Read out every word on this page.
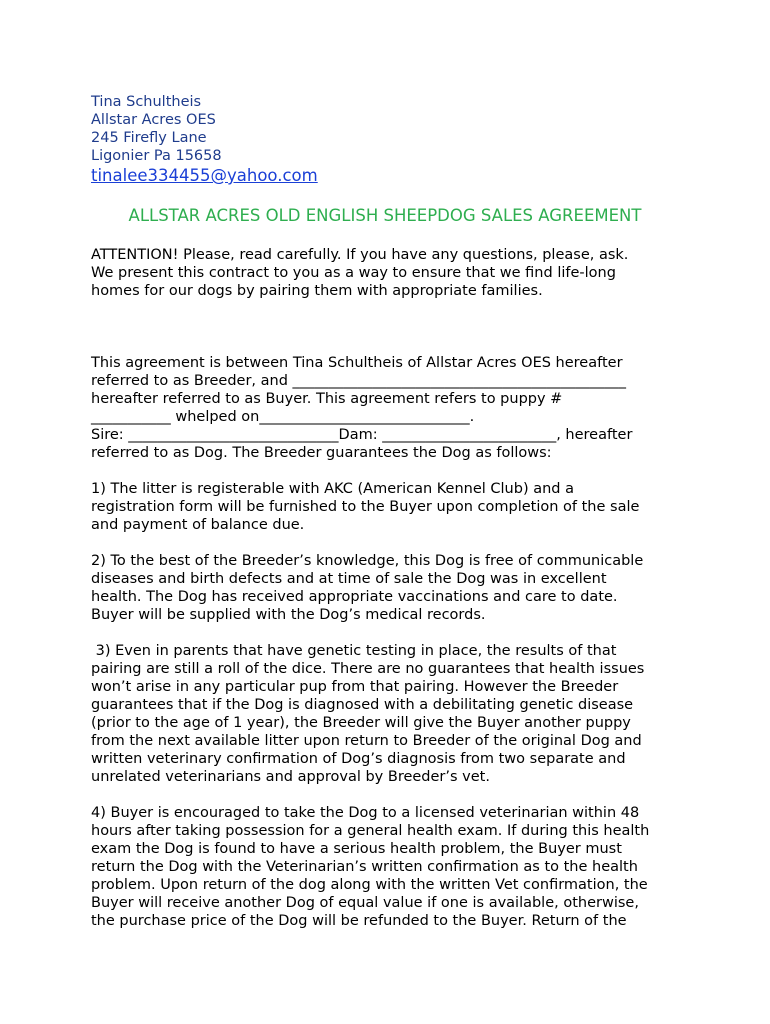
Tina Schultheis
Allstar Acres OES
245 Firefly Lane
Ligonier Pa 15658
tinalee334455@yahoo.com
ALLSTAR ACRES OLD ENGLISH SHEEPDOG SALES AGREEMENT

ATTENTION! Please, read carefully. If you have any questions, please, ask.

We present this contract to you as a way to ensure that we find life-long

homes for our dogs by pairing them with appropriate families.

This agreement is between Tina Schultheis of Allstar Acres OES hereafter

referred to as Breeder, and ______________________________________________

hereafter referred to as Buyer. This agreement refers to puppy #

___________ whelped on_____________________________.

Sire: _____________________________Dam: ________________________, hereafter

referred to as Dog. The Breeder guarantees the Dog as follows:

1) The litter is registerable with AKC (American Kennel Club) and a

registration form will be furnished to the Buyer upon completion of the sale

and payment of balance due.

2) To the best of the Breeder’s knowledge, this Dog is free of communicable

diseases and birth defects and at time of sale the Dog was in excellent

health. The Dog has received appropriate vaccinations and care to date.

Buyer will be supplied with the Dog’s medical records.

3) Even in parents that have genetic testing in place, the results of that

pairing are still a roll of the dice. There are no guarantees that health issues

won’t arise in any particular pup from that pairing. However the Breeder

guarantees that if the Dog is diagnosed with a debilitating genetic disease

(prior to the age of 1 year), the Breeder will give the Buyer another puppy

from the next available litter upon return to Breeder of the original Dog and

written veterinary confirmation of Dog’s diagnosis from two separate and

unrelated veterinarians and approval by Breeder’s vet.

4) Buyer is encouraged to take the Dog to a licensed veterinarian within 48

hours after taking possession for a general health exam. If during this health

exam the Dog is found to have a serious health problem, the Buyer must

return the Dog with the Veterinarian’s written confirmation as to the health

problem. Upon return of the dog along with the written Vet confirmation, the

Buyer will receive another Dog of equal value if one is available, otherwise,

the purchase price of the Dog will be refunded to the Buyer. Return of the
